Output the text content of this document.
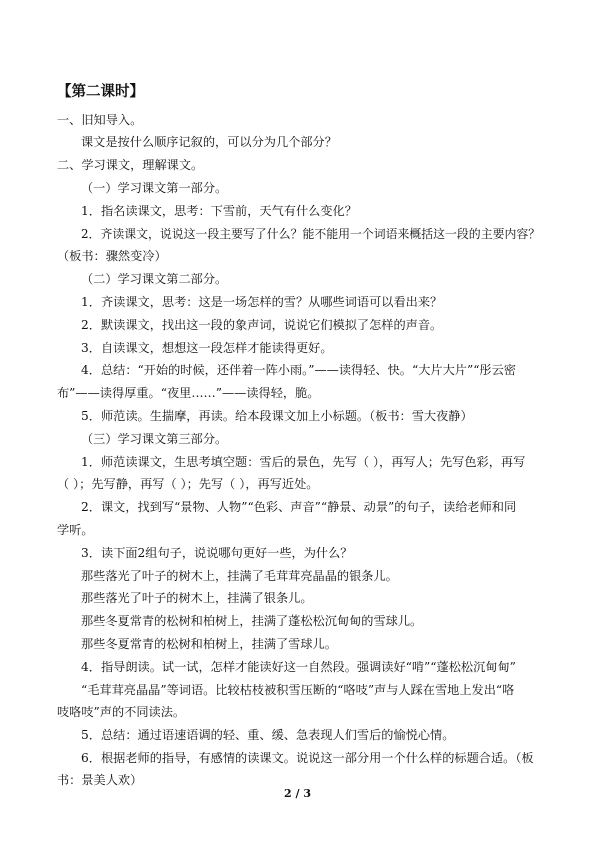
【第二课时】
一、旧知导入。
课文是按什么顺序记叙的，可以分为几个部分？
二、学习课文，理解课文。
（一）学习课文第一部分。
1．指名读课文，思考：下雪前，天气有什么变化？
2．齐读课文，说说这一段主要写了什么？能不能用一个词语来概括这一段的主要内容？
（板书：骤然变冷）
（二）学习课文第二部分。
1．齐读课文，思考：这是一场怎样的雪？从哪些词语可以看出来？
2．默读课文，找出这一段的象声词，说说它们模拟了怎样的声音。
3．自读课文，想想这一段怎样才能读得更好。
4．总结：“开始的时候，还伴着一阵小雨。”——读得轻、快。“大片大片”“彤云密
布”——读得厚重。“夜里……”——读得轻，脆。
5．师范读。生揣摩，再读。给本段课文加上小标题。（板书：雪大夜静）
（三）学习课文第三部分。
1．师范读课文，生思考填空题：雪后的景色，先写（ ），再写人；先写色彩，再写
（ ）；先写静，再写（ ）；先写（ ），再写近处。
2．课文，找到写“景物、人物”“色彩、声音”“静景、动景”的句子，读给老师和同
学听。
3．读下面2组句子，说说哪句更好一些，为什么？
那些落光了叶子的树木上，挂满了毛茸茸亮晶晶的银条儿。
那些落光了叶子的树木上，挂满了银条儿。
那些冬夏常青的松树和柏树上，挂满了蓬松松沉甸甸的雪球儿。
那些冬夏常青的松树和柏树上，挂满了雪球儿。
4．指导朗读。试一试，怎样才能读好这一自然段。强调读好“啃”“蓬松松沉甸甸”
“毛茸茸亮晶晶”等词语。比较枯枝被积雪压断的“咯吱”声与人踩在雪地上发出“咯
吱咯吱”声的不同读法。
5．总结：通过语速语调的轻、重、缓、急表现人们雪后的愉悦心情。
6．根据老师的指导，有感情的读课文。说说这一部分用一个什么样的标题合适。（板
书：景美人欢）
2 / 3
